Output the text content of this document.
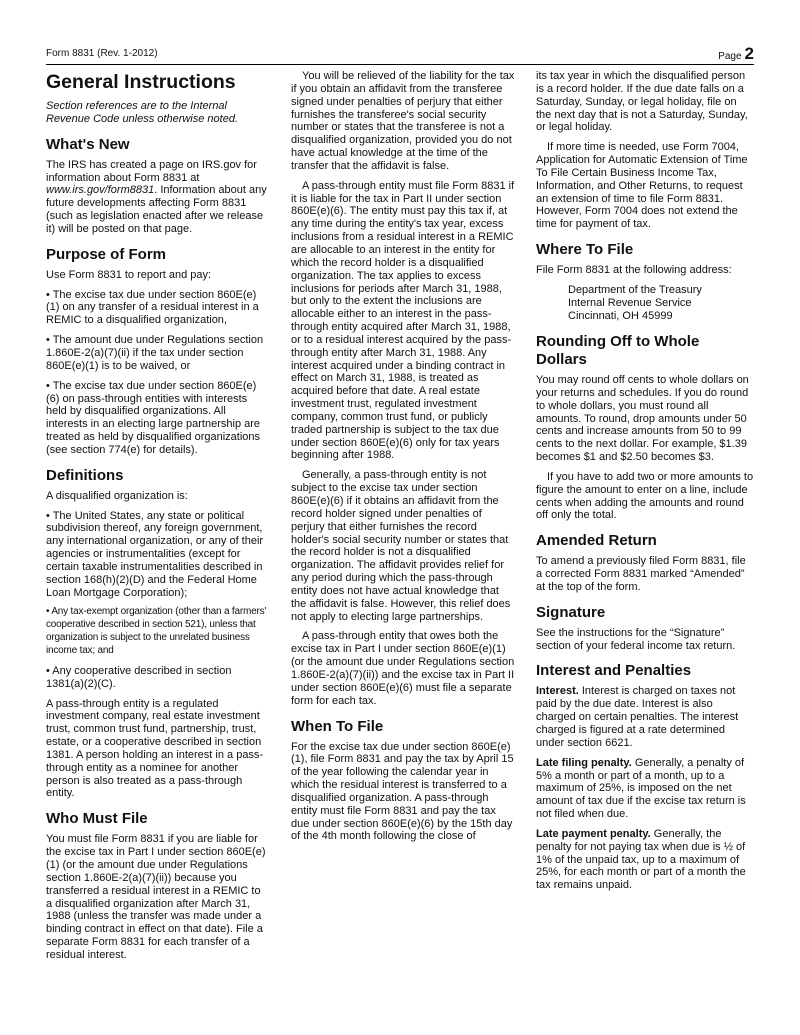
Form 8831 (Rev. 1-2012)	Page 2
General Instructions

Section references are to the Internal Revenue Code unless otherwise noted.

What's New

The IRS has created a page on IRS.gov for information about Form 8831 at www.irs.gov/form8831. Information about any future developments affecting Form 8831 (such as legislation enacted after we release it) will be posted on that page.

Purpose of Form

Use Form 8831 to report and pay:

• The excise tax due under section 860E(e)(1) on any transfer of a residual interest in a REMIC to a disqualified organization,

• The amount due under Regulations section 1.860E-2(a)(7)(ii) if the tax under section 860E(e)(1) is to be waived, or

• The excise tax due under section 860E(e)(6) on pass-through entities with interests held by disqualified organizations. All interests in an electing large partnership are treated as held by disqualified organizations (see section 774(e) for details).

Definitions

A disqualified organization is:

• The United States, any state or political subdivision thereof, any foreign government, any international organization, or any of their agencies or instrumentalities (except for certain taxable instrumentalities described in section 168(h)(2)(D) and the Federal Home Loan Mortgage Corporation);

• Any tax-exempt organization (other than a farmers' cooperative described in section 521), unless that organization is subject to the unrelated business income tax; and

• Any cooperative described in section 1381(a)(2)(C).

A pass-through entity is a regulated investment company, real estate investment trust, common trust fund, partnership, trust, estate, or a cooperative described in section 1381. A person holding an interest in a pass-through entity as a nominee for another person is also treated as a pass-through entity.

Who Must File

You must file Form 8831 if you are liable for the excise tax in Part I under section 860E(e)(1) (or the amount due under Regulations section 1.860E-2(a)(7)(ii)) because you transferred a residual interest in a REMIC to a disqualified organization after March 31, 1988 (unless the transfer was made under a binding contract in effect on that date). File a separate Form 8831 for each transfer of a residual interest.

You will be relieved of the liability for the tax if you obtain an affidavit from the transferee signed under penalties of perjury that either furnishes the transferee's social security number or states that the transferee is not a disqualified organization, provided you do not have actual knowledge at the time of the transfer that the affidavit is false.

A pass-through entity must file Form 8831 if it is liable for the tax in Part II under section 860E(e)(6). The entity must pay this tax if, at any time during the entity's tax year, excess inclusions from a residual interest in a REMIC are allocable to an interest in the entity for which the record holder is a disqualified organization. The tax applies to excess inclusions for periods after March 31, 1988, but only to the extent the inclusions are allocable either to an interest in the pass-through entity acquired after March 31, 1988, or to a residual interest acquired by the pass-through entity after March 31, 1988. Any interest acquired under a binding contract in effect on March 31, 1988, is treated as acquired before that date. A real estate investment trust, regulated investment company, common trust fund, or publicly traded partnership is subject to the tax due under section 860E(e)(6) only for tax years beginning after 1988.

Generally, a pass-through entity is not subject to the excise tax under section 860E(e)(6) if it obtains an affidavit from the record holder signed under penalties of perjury that either furnishes the record holder's social security number or states that the record holder is not a disqualified organization. The affidavit provides relief for any period during which the pass-through entity does not have actual knowledge that the affidavit is false. However, this relief does not apply to electing large partnerships.

A pass-through entity that owes both the excise tax in Part I under section 860E(e)(1) (or the amount due under Regulations section 1.860E-2(a)(7)(ii)) and the excise tax in Part II under section 860E(e)(6) must file a separate form for each tax.

When To File

For the excise tax due under section 860E(e)(1), file Form 8831 and pay the tax by April 15 of the year following the calendar year in which the residual interest is transferred to a disqualified organization. A pass-through entity must file Form 8831 and pay the tax due under section 860E(e)(6) by the 15th day of the 4th month following the close of

its tax year in which the disqualified person is a record holder. If the due date falls on a Saturday, Sunday, or legal holiday, file on the next day that is not a Saturday, Sunday, or legal holiday.

If more time is needed, use Form 7004, Application for Automatic Extension of Time To File Certain Business Income Tax, Information, and Other Returns, to request an extension of time to file Form 8831. However, Form 7004 does not extend the time for payment of tax.

Where To File

File Form 8831 at the following address:

Department of the Treasury
Internal Revenue Service
Cincinnati, OH 45999
Rounding Off to Whole Dollars

You may round off cents to whole dollars on your returns and schedules. If you do round to whole dollars, you must round all amounts. To round, drop amounts under 50 cents and increase amounts from 50 to 99 cents to the next dollar. For example, $1.39 becomes $1 and $2.50 becomes $3.

If you have to add two or more amounts to figure the amount to enter on a line, include cents when adding the amounts and round off only the total.

Amended Return

To amend a previously filed Form 8831, file a corrected Form 8831 marked “Amended” at the top of the form.

Signature

See the instructions for the “Signature” section of your federal income tax return.

Interest and Penalties

Interest. Interest is charged on taxes not paid by the due date. Interest is also charged on certain penalties. The interest charged is figured at a rate determined under section 6621.

Late filing penalty. Generally, a penalty of 5% a month or part of a month, up to a maximum of 25%, is imposed on the net amount of tax due if the excise tax return is not filed when due.

Late payment penalty. Generally, the penalty for not paying tax when due is ½ of 1% of the unpaid tax, up to a maximum of 25%, for each month or part of a month the tax remains unpaid.
